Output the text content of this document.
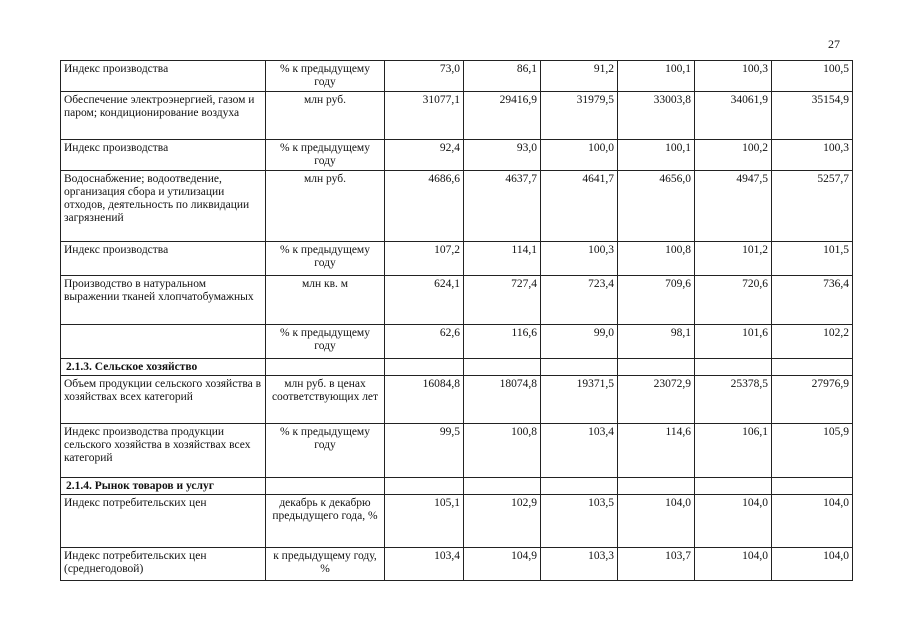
27
Индекс производства	% к предыдущему году	73,0	86,1	91,2	100,1	100,3	100,5
Обеспечение электроэнергией, газом и паром; кондиционирование воздуха	млн руб.	31077,1	29416,9	31979,5	33003,8	34061,9	35154,9
Индекс производства	% к предыдущему году	92,4	93,0	100,0	100,1	100,2	100,3
Водоснабжение; водоотведение, организация сбора и утилизации отходов, деятельность по ликвидации загрязнений	млн руб.	4686,6	4637,7	4641,7	4656,0	4947,5	5257,7
Индекс производства	% к предыдущему году	107,2	114,1	100,3	100,8	101,2	101,5
Производство в натуральном выражении тканей хлопчатобумажных	млн кв. м	624,1	727,4	723,4	709,6	720,6	736,4
	% к предыдущему году	62,6	116,6	99,0	98,1	101,6	102,2
2.1.3. Сельское хозяйство							
Объем продукции сельского хозяйства в хозяйствах всех категорий	млн руб. в ценах соответствующих лет	16084,8	18074,8	19371,5	23072,9	25378,5	27976,9
Индекс производства продукции сельского хозяйства в хозяйствах всех категорий	% к предыдущему году	99,5	100,8	103,4	114,6	106,1	105,9
2.1.4. Рынок товаров и услуг							
Индекс потребительских цен	декабрь к декабрю предыдущего года, %	105,1	102,9	103,5	104,0	104,0	104,0
Индекс потребительских цен (среднегодовой)	к предыдущему году, %	103,4	104,9	103,3	103,7	104,0	104,0
